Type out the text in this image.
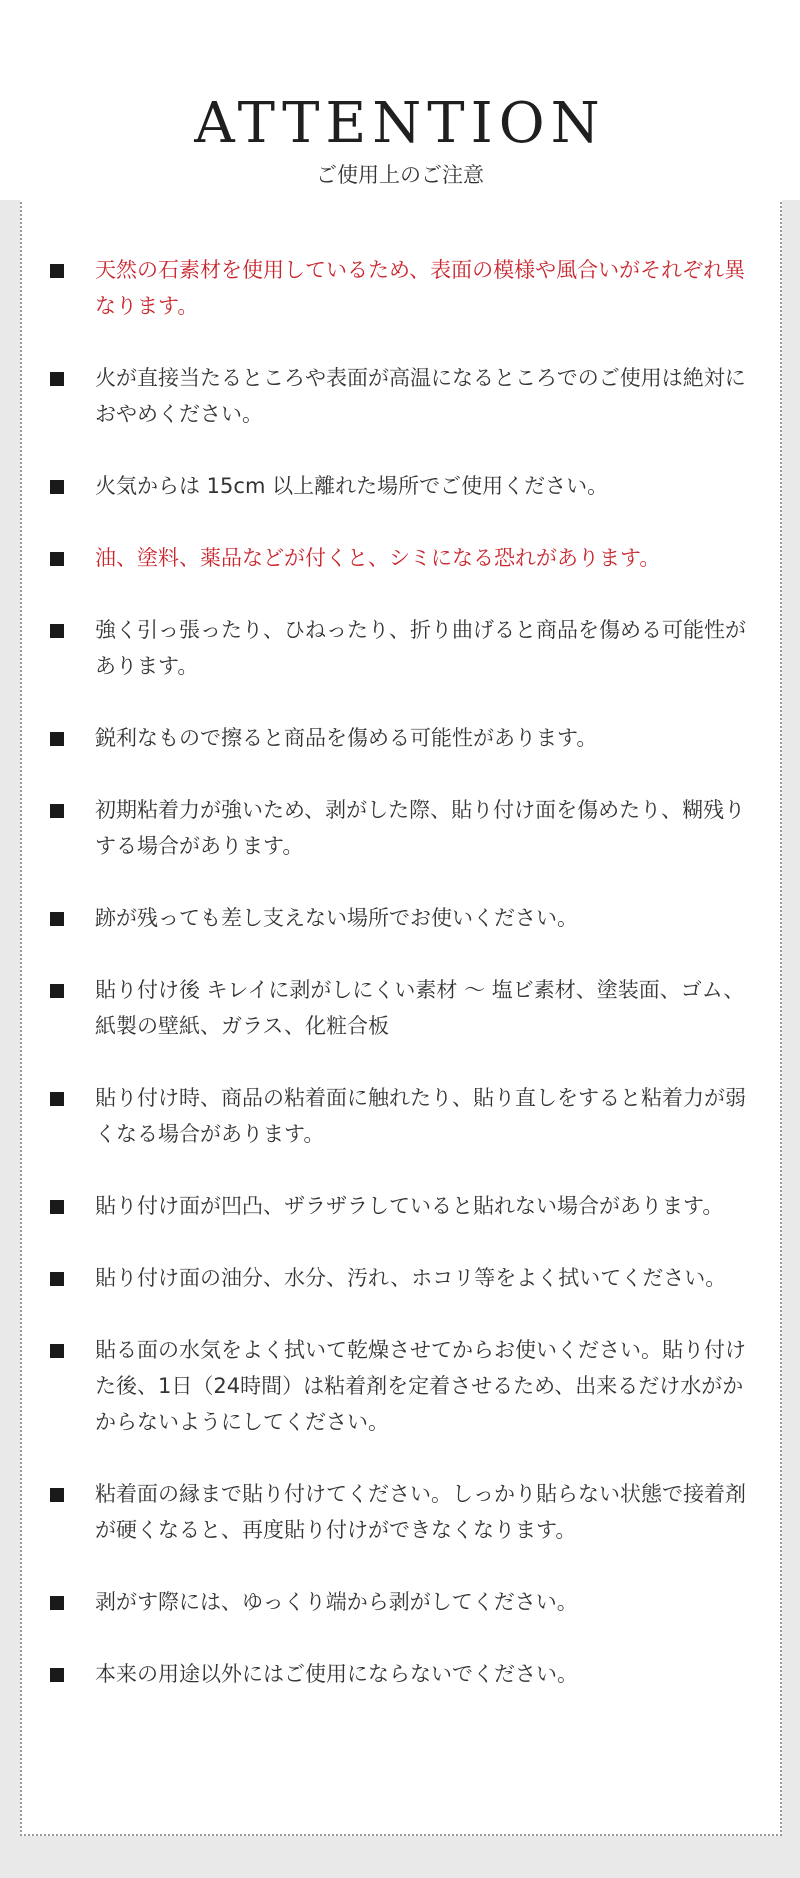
ATTENTION
ご使用上のご注意
天然の石素材を使用しているため、表面の模様や風合いがそれぞれ異なります。
火が直接当たるところや表面が高温になるところでのご使用は絶対におやめください。
火気からは 15cm 以上離れた場所でご使用ください。
油、塗料、薬品などが付くと、シミになる恐れがあります。
強く引っ張ったり、ひねったり、折り曲げると商品を傷める可能性があります。
鋭利なもので擦ると商品を傷める可能性があります。
初期粘着力が強いため、剥がした際、貼り付け面を傷めたり、糊残りする場合があります。
跡が残っても差し支えない場所でお使いください。
貼り付け後 キレイに剥がしにくい素材 〜 塩ビ素材、塗装面、ゴム、紙製の壁紙、ガラス、化粧合板
貼り付け時、商品の粘着面に触れたり、貼り直しをすると粘着力が弱くなる場合があります。
貼り付け面が凹凸、ザラザラしていると貼れない場合があります。
貼り付け面の油分、水分、汚れ、ホコリ等をよく拭いてください。
貼る面の水気をよく拭いて乾燥させてからお使いください。貼り付けた後、1日（24時間）は粘着剤を定着させるため、出来るだけ水がかからないようにしてください。
粘着面の縁まで貼り付けてください。しっかり貼らない状態で接着剤が硬くなると、再度貼り付けができなくなります。
剥がす際には、ゆっくり端から剥がしてください。
本来の用途以外にはご使用にならないでください。
